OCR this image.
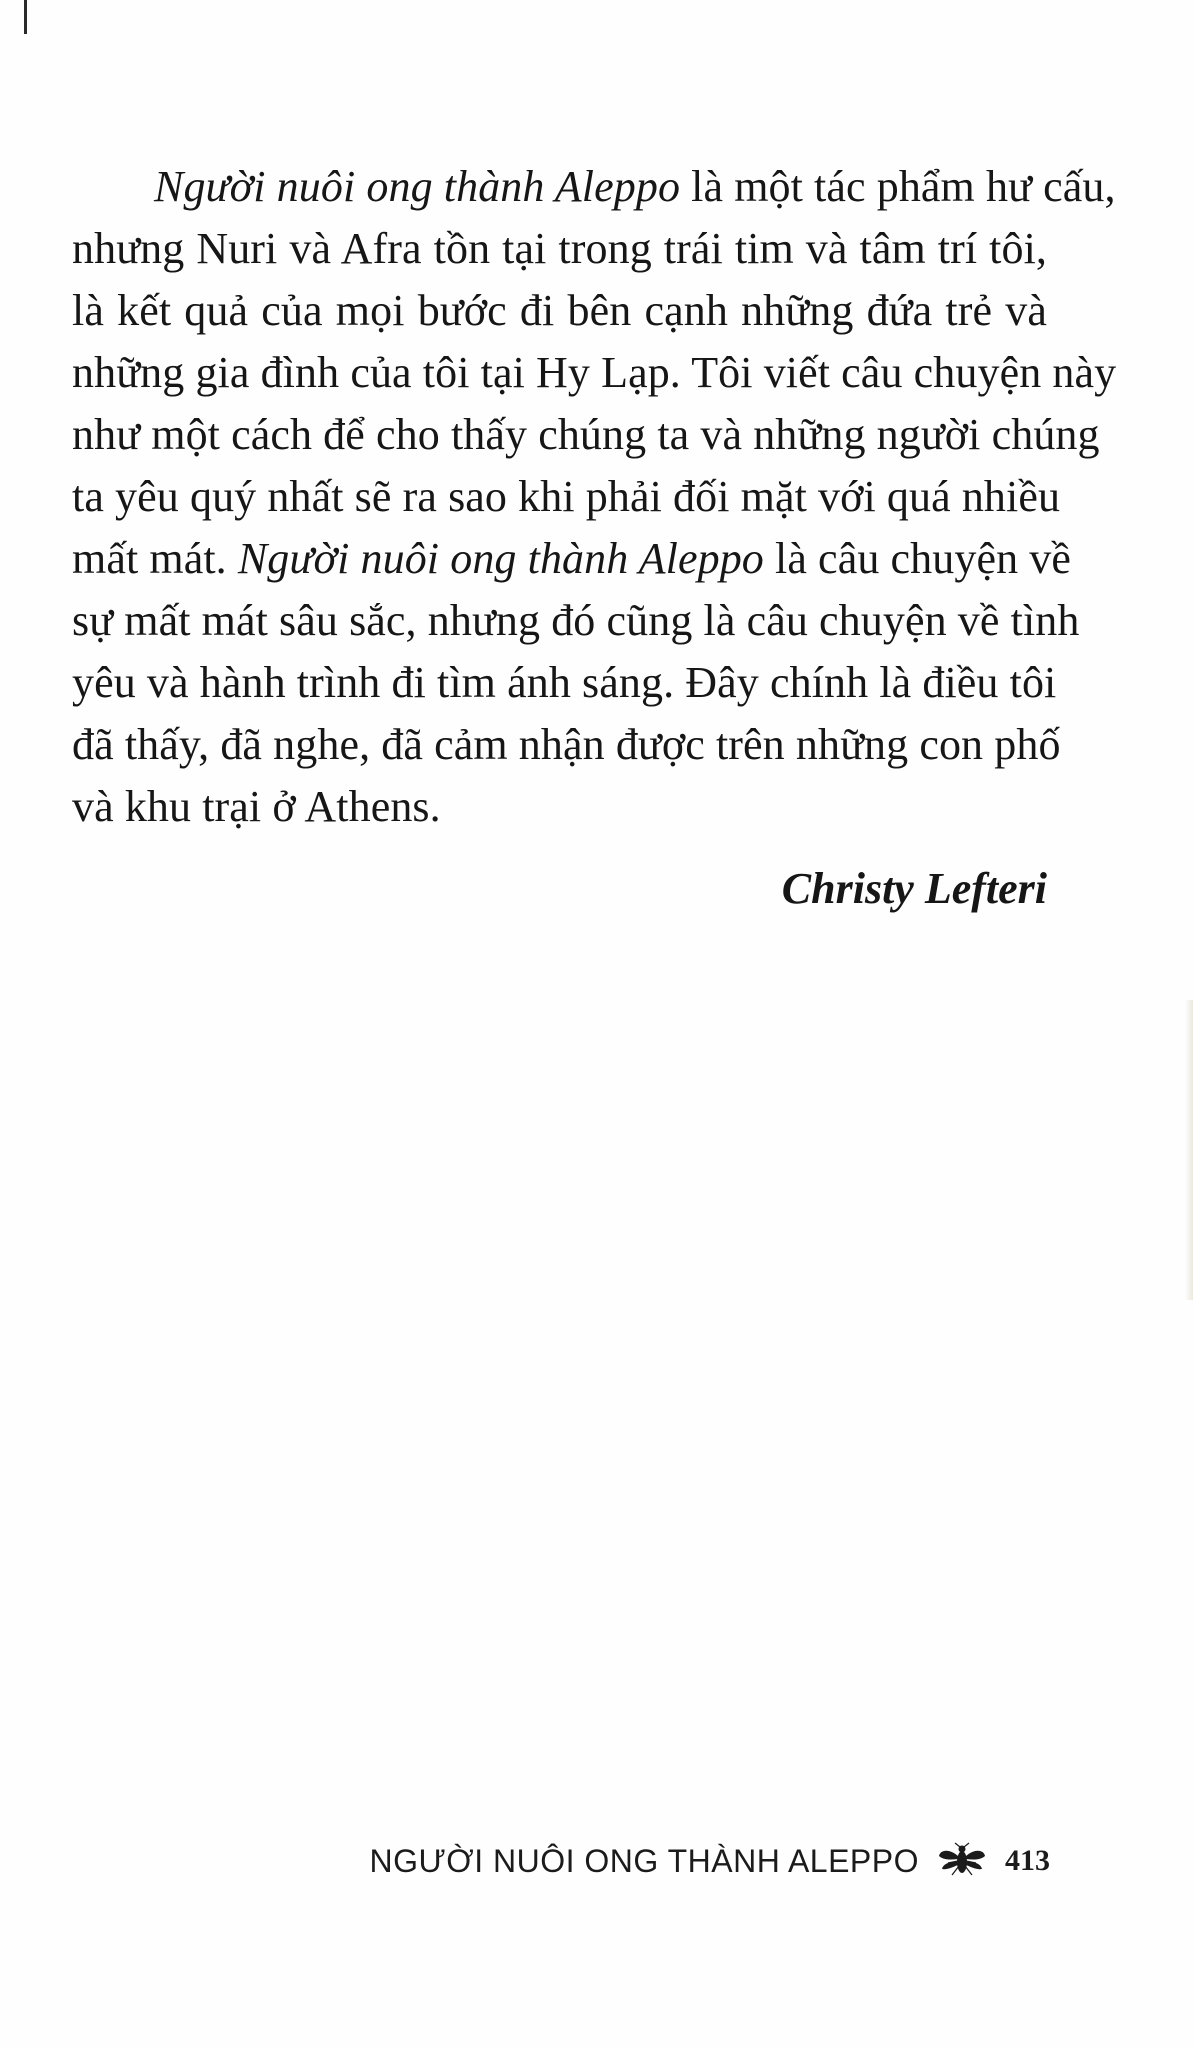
Người nuôi ong thành Aleppo là một tác phẩm hư cấu,
nhưng Nuri và Afra tồn tại trong trái tim và tâm trí tôi,
là kết quả của mọi bước đi bên cạnh những đứa trẻ và
những gia đình của tôi tại Hy Lạp. Tôi viết câu chuyện này
như một cách để cho thấy chúng ta và những người chúng
ta yêu quý nhất sẽ ra sao khi phải đối mặt với quá nhiều
mất mát. Người nuôi ong thành Aleppo là câu chuyện về
sự mất mát sâu sắc, nhưng đó cũng là câu chuyện về tình
yêu và hành trình đi tìm ánh sáng. Đây chính là điều tôi
đã thấy, đã nghe, đã cảm nhận được trên những con phố
và khu trại ở Athens.
Christy Lefteri
NGƯỜI NUÔI ONG THÀNH ALEPPO	413
